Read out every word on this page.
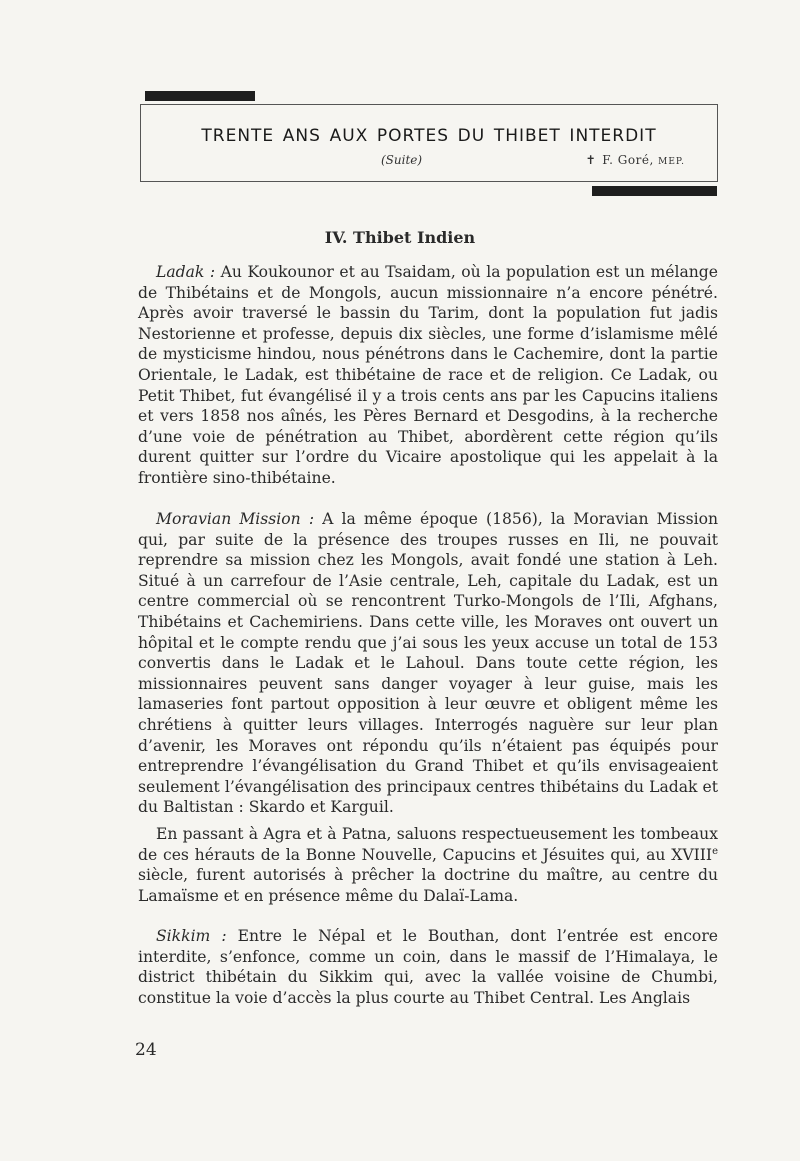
trente ans aux portes du thibet interdit
(Suite)	✝ F. Goré, MEP.
IV. Thibet Indien

Ladak : Au Koukounor et au Tsaidam, où la population est un mélange de Thibétains et de Mongols, aucun missionnaire n’a encore pénétré. Après avoir traversé le bassin du Tarim, dont la population fut jadis Nestorienne et professe, depuis dix siècles, une forme d’islamisme mêlé de mysticisme hindou, nous pénétrons dans le Cachemire, dont la partie Orientale, le Ladak, est thibétaine de race et de religion. Ce Ladak, ou Petit Thibet, fut évangélisé il y a trois cents ans par les Capucins italiens et vers 1858 nos aînés, les Pères Bernard et Desgodins, à la recherche d’une voie de pénétration au Thibet, abordèrent cette région qu’ils durent quitter sur l’ordre du Vicaire apostolique qui les appelait à la frontière sino-thibétaine.

Moravian Mission : A la même époque (1856), la Moravian Mission qui, par suite de la présence des troupes russes en Ili, ne pouvait reprendre sa mission chez les Mongols, avait fondé une station à Leh. Situé à un carrefour de l’Asie centrale, Leh, capitale du Ladak, est un centre commercial où se rencontrent Turko-Mongols de l’Ili, Afghans, Thibétains et Cachemiriens. Dans cette ville, les Moraves ont ouvert un hôpital et le compte rendu que j’ai sous les yeux accuse un total de 153 convertis dans le Ladak et le Lahoul. Dans toute cette région, les missionnaires peuvent sans danger voyager à leur guise, mais les lamaseries font partout opposition à leur œuvre et obligent même les chrétiens à quitter leurs villages. Interrogés naguère sur leur plan d’avenir, les Moraves ont répondu qu’ils n’étaient pas équipés pour entreprendre l’évangélisation du Grand Thibet et qu’ils envisageaient seulement l’évangélisation des principaux centres thibétains du Ladak et du Baltistan : Skardo et Karguil.

En passant à Agra et à Patna, saluons respectueusement les tombeaux de ces hérauts de la Bonne Nouvelle, Capucins et Jésuites qui, au XVIIIe siècle, furent autorisés à prêcher la doctrine du maître, au centre du Lamaïsme et en présence même du Dalaï-Lama.

Sikkim : Entre le Népal et le Bouthan, dont l’entrée est encore interdite, s’enfonce, comme un coin, dans le massif de l’Himalaya, le district thibétain du Sikkim qui, avec la vallée voisine de Chumbi, constitue la voie d’accès la plus courte au Thibet Central. Les Anglais

24
